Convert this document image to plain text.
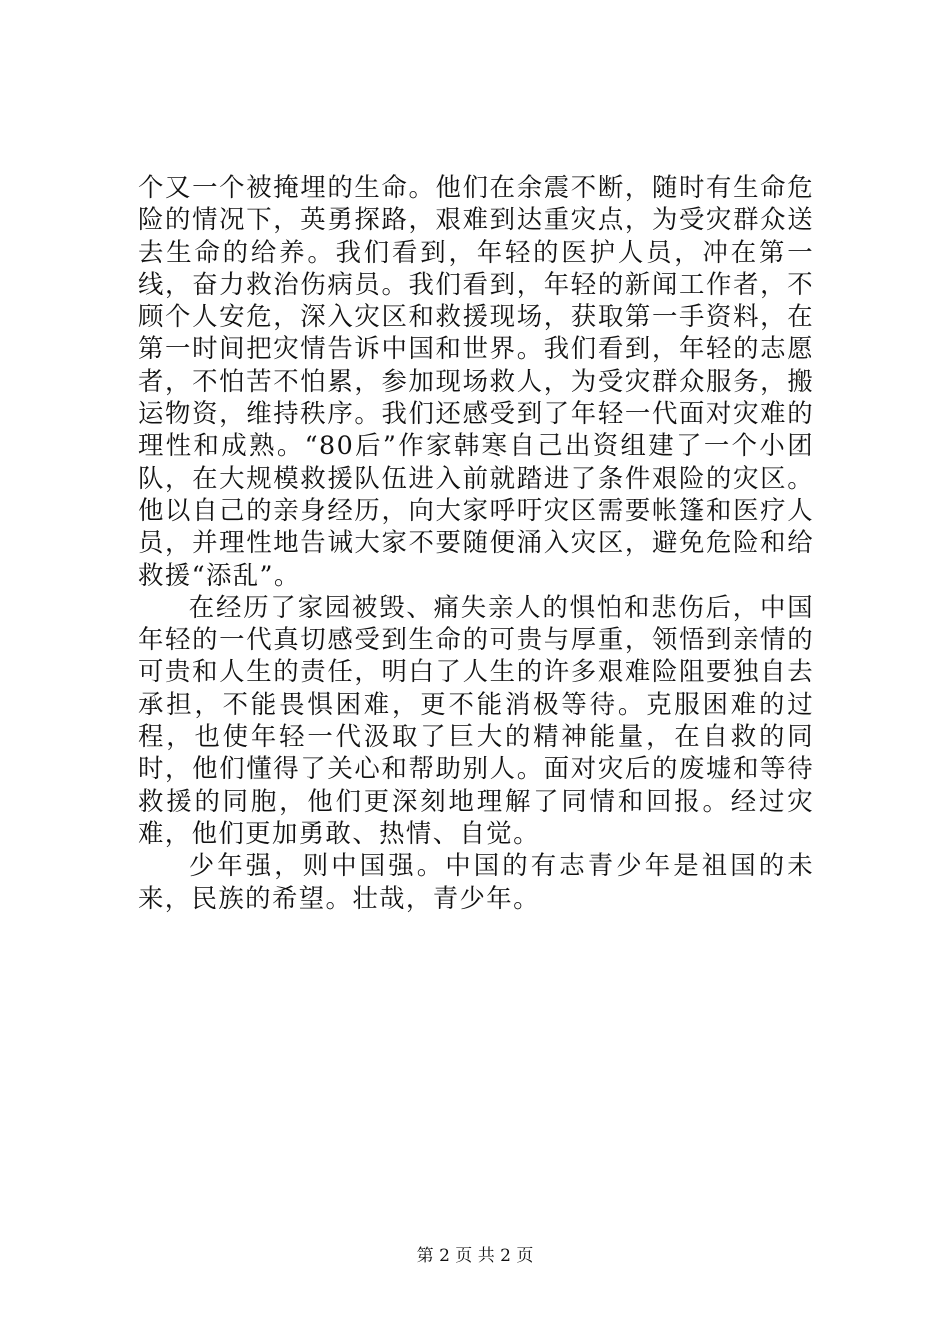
个又一个被掩埋的生命。他们在余震不断，随时有生命危险的情况下，英勇探路，艰难到达重灾点，为受灾群众送去生命的给养。我们看到，年轻的医护人员，冲在第一线，奋力救治伤病员。我们看到，年轻的新闻工作者，不顾个人安危，深入灾区和救援现场，获取第一手资料，在第一时间把灾情告诉中国和世界。我们看到，年轻的志愿者，不怕苦不怕累，参加现场救人，为受灾群众服务，搬运物资，维持秩序。我们还感受到了年轻一代面对灾难的理性和成熟。“80后”作家韩寒自己出资组建了一个小团队，在大规模救援队伍进入前就踏进了条件艰险的灾区。他以自己的亲身经历，向大家呼吁灾区需要帐篷和医疗人员，并理性地告诫大家不要随便涌入灾区，避免危险和给救援“添乱”。

在经历了家园被毁、痛失亲人的惧怕和悲伤后，中国年轻的一代真切感受到生命的可贵与厚重，领悟到亲情的可贵和人生的责任，明白了人生的许多艰难险阻要独自去承担，不能畏惧困难，更不能消极等待。克服困难的过程，也使年轻一代汲取了巨大的精神能量，在自救的同时，他们懂得了关心和帮助别人。面对灾后的废墟和等待救援的同胞，他们更深刻地理解了同情和回报。经过灾难，他们更加勇敢、热情、自觉。

少年强，则中国强。中国的有志青少年是祖国的未来，民族的希望。壮哉，青少年。

第 2 页 共 2 页
